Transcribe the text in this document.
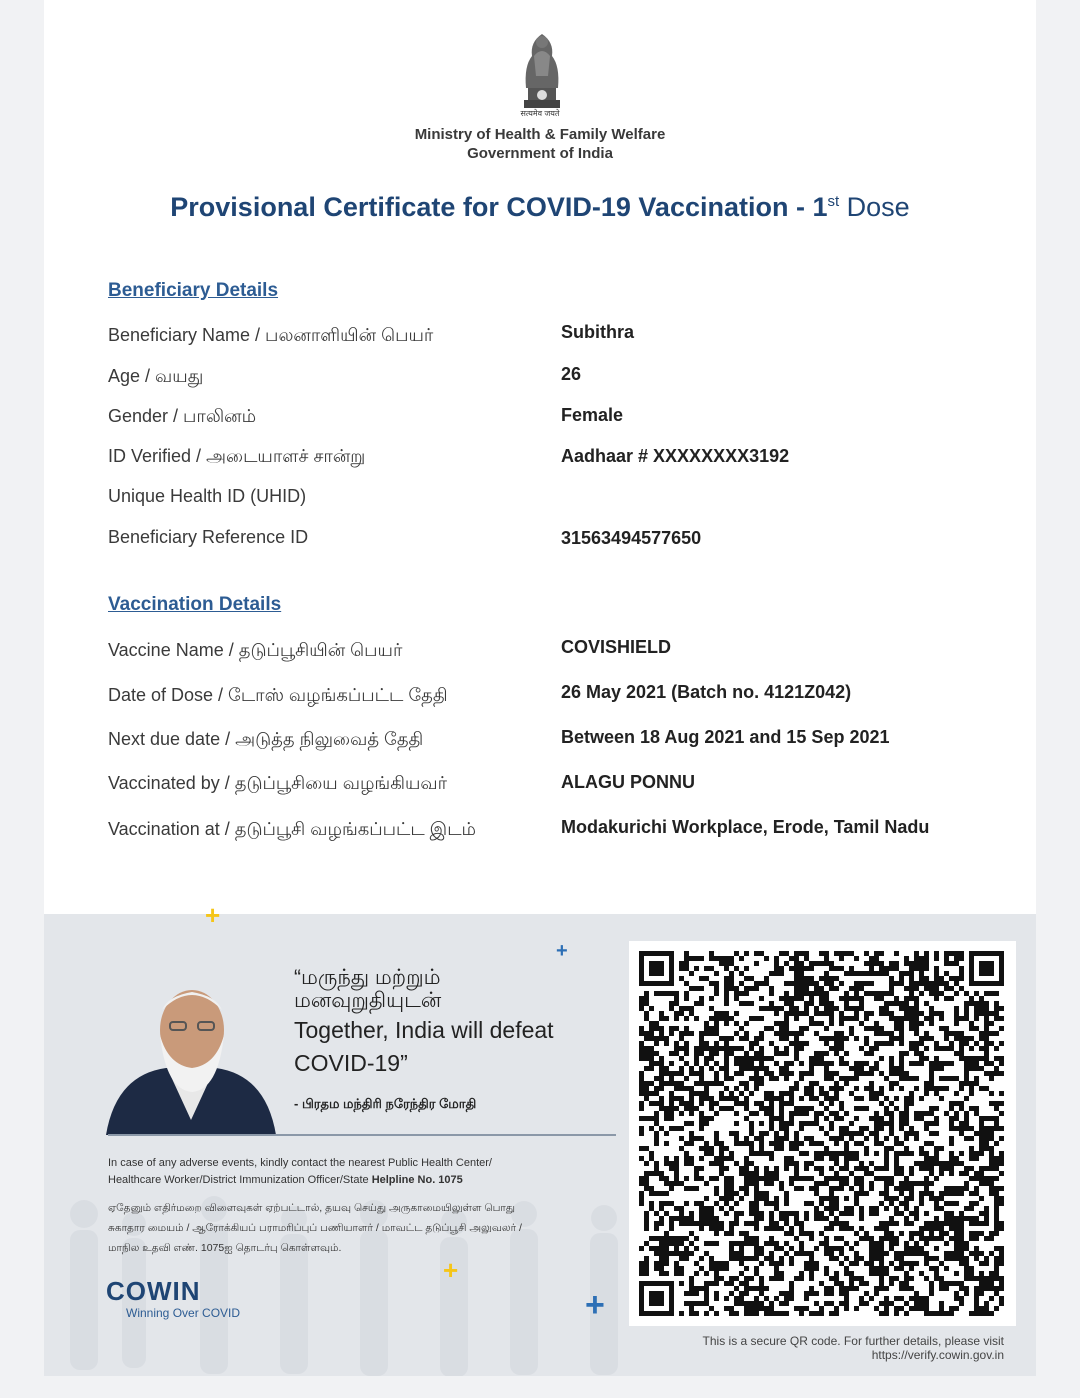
सत्यमेव जयते
Ministry of Health & Family Welfare
Government of India
Provisional Certificate for COVID-19 Vaccination - 1st Dose
Beneficiary Details
Beneficiary Name / பலனாளியின் பெயர்	Subithra
Age / வயது	26
Gender / பாலினம்	Female
ID Verified / அடையாளச் சான்று	Aadhaar # XXXXXXXX3192
Unique Health ID (UHID)
Beneficiary Reference ID	31563494577650
Vaccination Details
Vaccine Name / தடுப்பூசியின் பெயர்	COVISHIELD
Date of Dose / டோஸ் வழங்கப்பட்ட தேதி	26 May 2021 (Batch no. 4121Z042)
Next due date / அடுத்த நிலுவைத் தேதி	Between 18 Aug 2021 and 15 Sep 2021
Vaccinated by / தடுப்பூசியை வழங்கியவர்	ALAGU PONNU
Vaccination at / தடுப்பூசி வழங்கப்பட்ட இடம்	Modakurichi Workplace, Erode, Tamil Nadu
+
+
+
+
“மருந்து மற்றும்
மனவுறுதியுடன்
Together, India will defeat
COVID-19”
- பிரதம மந்திரி நரேந்திர மோதி
In case of any adverse events, kindly contact the nearest Public Health Center/
Healthcare Worker/District Immunization Officer/State Helpline No. 1075
ஏதேனும் எதிர்மறை விளைவுகள் ஏற்பட்டால், தயவு செய்து அருகாமையிலுள்ள பொது
சுகாதார மையம் / ஆரோக்கியப் பராமரிப்புப் பணியாளர் / மாவட்ட தடுப்பூசி அலுவலர் /
மாநில உதவி எண். 1075ஐ தொடர்பு கொள்ளவும்.
COWIN
Winning Over COVID
This is a secure QR code. For further details, please visit
https://verify.cowin.gov.in
